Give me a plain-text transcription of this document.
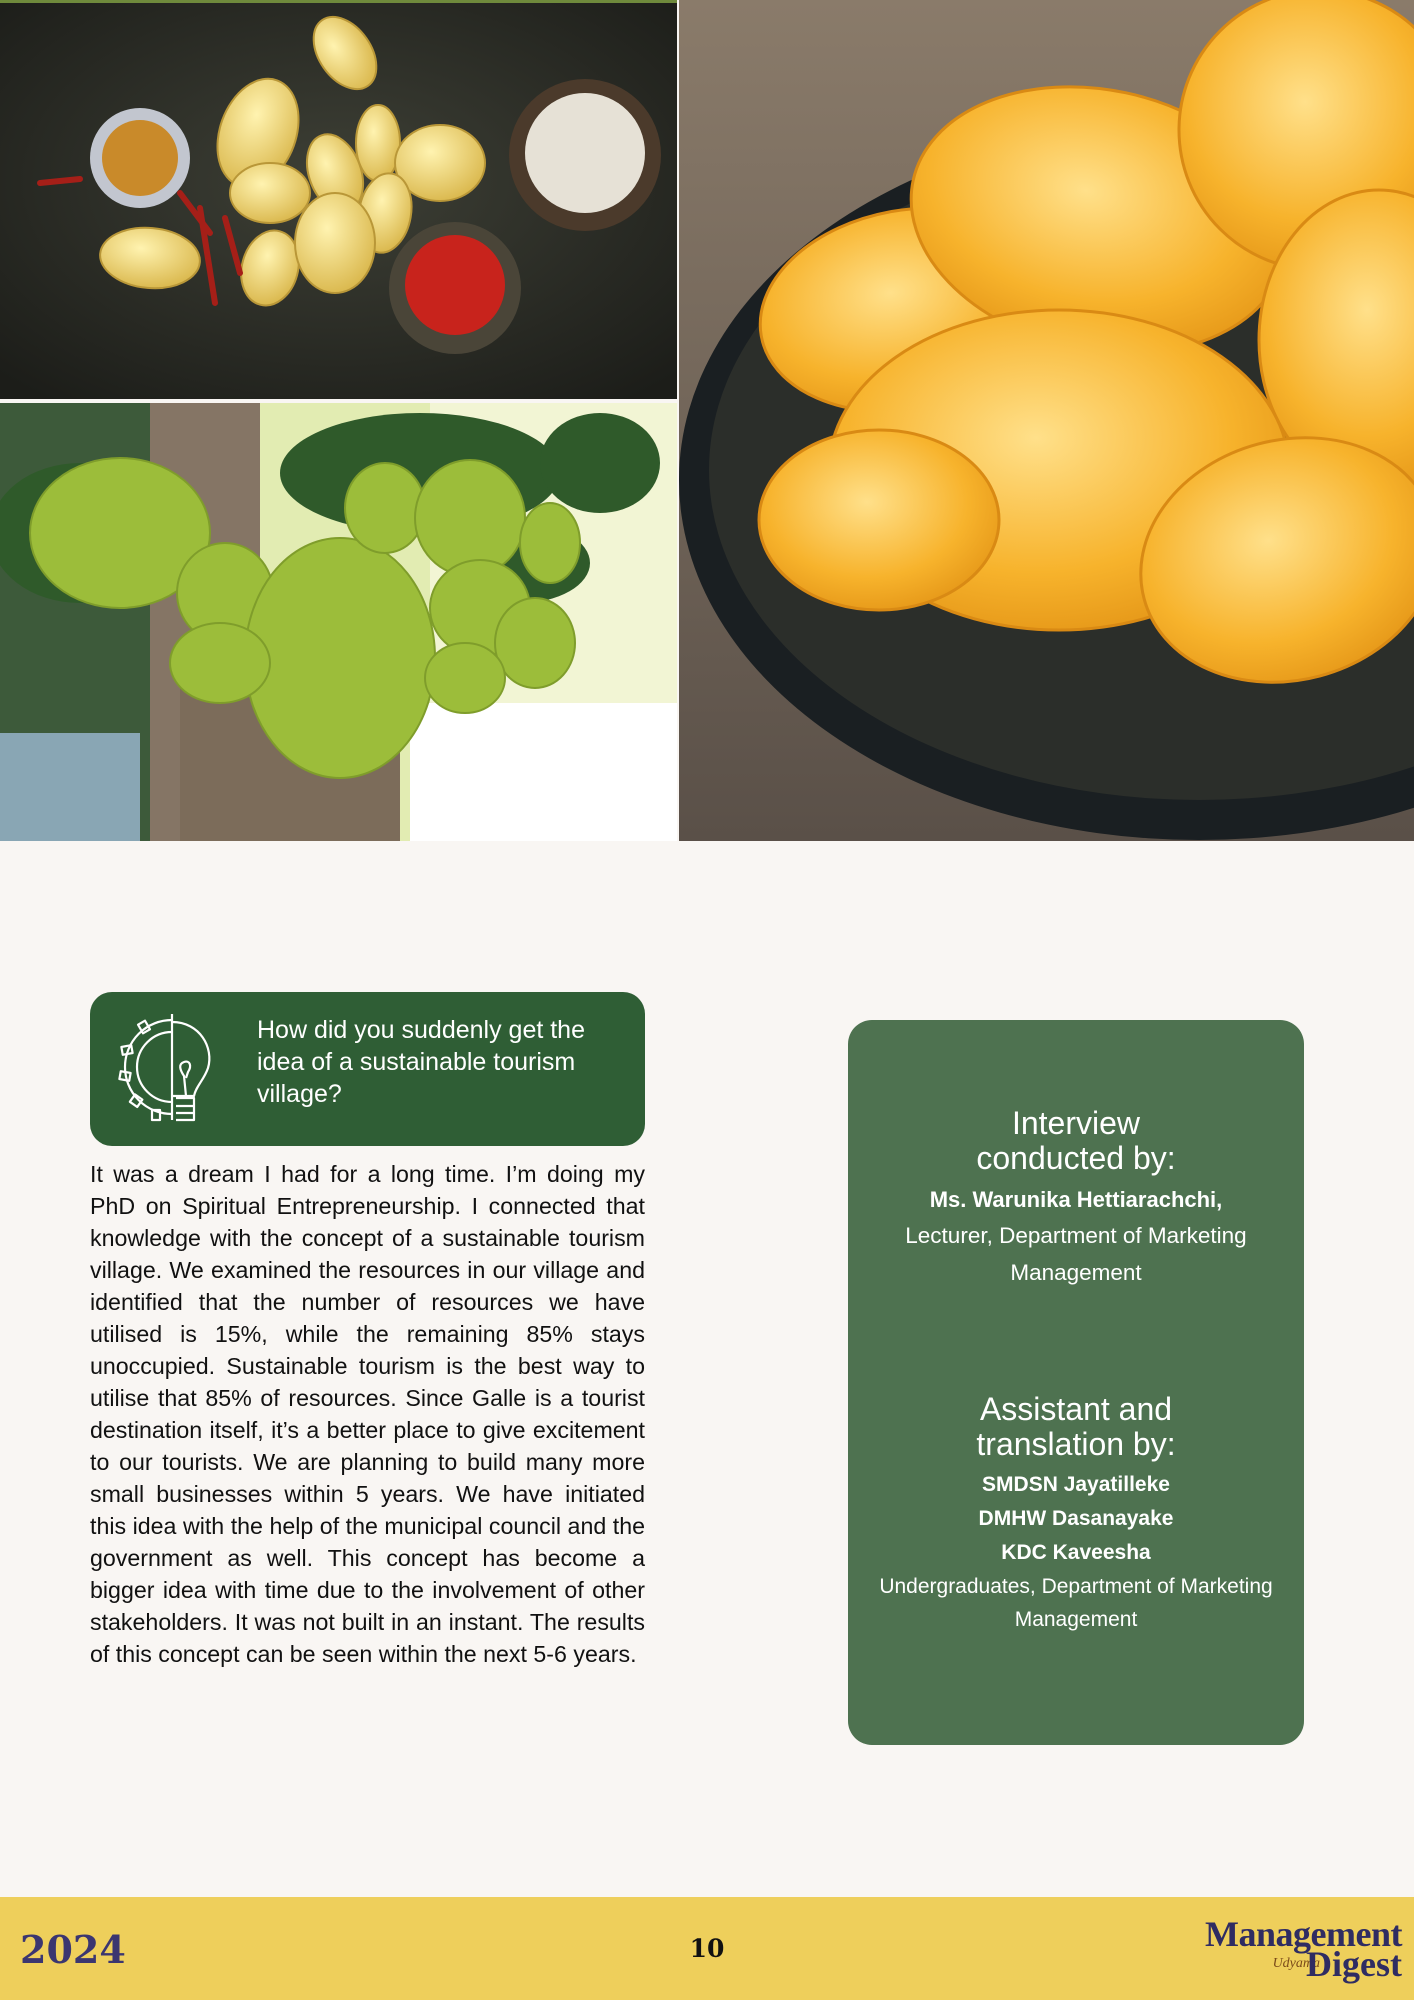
How did you suddenly get the idea of a sustainable tourism village?
It was a dream I had for a long time. I’m doing my PhD on Spiritual Entrepreneurship. I connected that knowledge with the concept of a sustainable tourism village. We examined the resources in our village and identified that the number of resources we have utilised is 15%, while the remaining 85% stays unoccupied. Sustainable tourism is the best way to utilise that 85% of resources. Since Galle is a tourist destination itself, it’s a better place to give excitement to our tourists. We are planning to build many more small businesses within 5 years. We have initiated this idea with the help of the municipal council and the government as well. This concept has become a bigger idea with time due to the involvement of other stakeholders. It was not built in an instant. The results of this concept can be seen within the next 5-6 years.
Interview conducted by:
Ms. Warunika Hettiarachchi,
Lecturer, Department of Marketing Management
Assistant and translation by:
SMDSN Jayatilleke
DMHW Dasanayake
KDC Kaveesha
Undergraduates, Department of Marketing Management
2024	10	Management
Udyama
Digest
